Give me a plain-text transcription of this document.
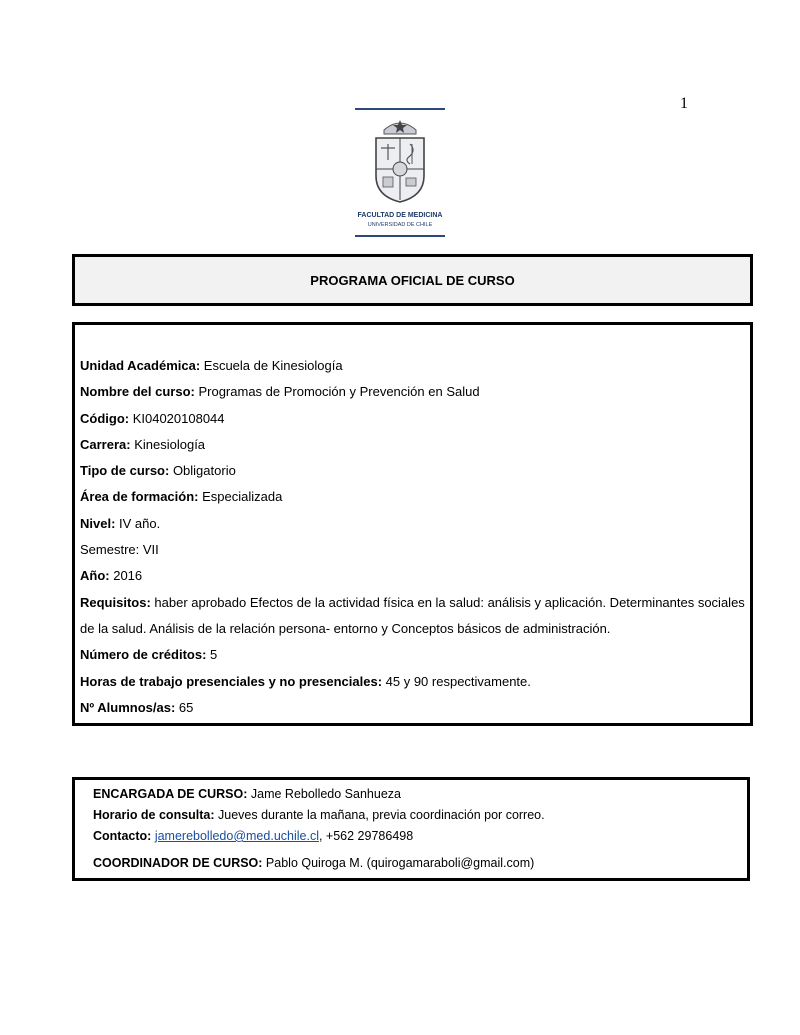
1
FACULTAD DE MEDICINA
UNIVERSIDAD DE CHILE
PROGRAMA OFICIAL DE CURSO
Unidad Académica: Escuela de Kinesiología
Nombre del curso: Programas de Promoción y Prevención en Salud
Código: KI04020108044
Carrera: Kinesiología
Tipo de curso: Obligatorio
Área de formación: Especializada
Nivel: IV año.
Semestre: VII
Año: 2016
Requisitos: haber aprobado Efectos de la actividad física en la salud: análisis y aplicación. Determinantes sociales
de la salud. Análisis de la relación persona- entorno y Conceptos básicos de administración.
Número de créditos: 5
Horas de trabajo presenciales y no presenciales: 45 y 90 respectivamente.
Nº Alumnos/as: 65
ENCARGADA DE CURSO: Jame Rebolledo Sanhueza
Horario de consulta: Jueves durante la mañana, previa coordinación por correo.
Contacto: jamerebolledo@med.uchile.cl, +562 29786498
COORDINADOR DE CURSO: Pablo Quiroga M. (quirogamaraboli@gmail.com)
